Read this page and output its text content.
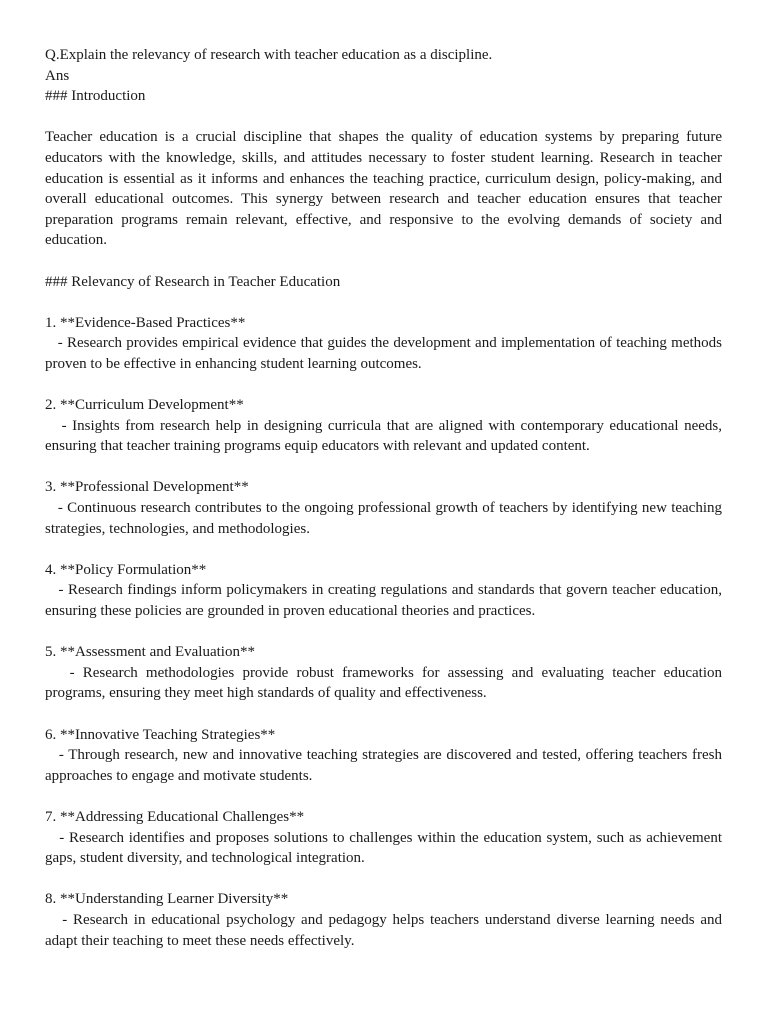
Q.Explain the relevancy of research with teacher education as a discipline.

Ans

### Introduction

Teacher education is a crucial discipline that shapes the quality of education systems by preparing future educators with the knowledge, skills, and attitudes necessary to foster student learning. Research in teacher education is essential as it informs and enhances the teaching practice, curriculum design, policy-making, and overall educational outcomes. This synergy between research and teacher education ensures that teacher preparation programs remain relevant, effective, and responsive to the evolving demands of society and education.

### Relevancy of Research in Teacher Education

1. **Evidence-Based Practices**

- Research provides empirical evidence that guides the development and implementation of teaching methods proven to be effective in enhancing student learning outcomes.

2. **Curriculum Development**

- Insights from research help in designing curricula that are aligned with contemporary educational needs, ensuring that teacher training programs equip educators with relevant and updated content.

3. **Professional Development**

- Continuous research contributes to the ongoing professional growth of teachers by identifying new teaching strategies, technologies, and methodologies.

4. **Policy Formulation**

- Research findings inform policymakers in creating regulations and standards that govern teacher education, ensuring these policies are grounded in proven educational theories and practices.

5. **Assessment and Evaluation**

- Research methodologies provide robust frameworks for assessing and evaluating teacher education programs, ensuring they meet high standards of quality and effectiveness.

6. **Innovative Teaching Strategies**

- Through research, new and innovative teaching strategies are discovered and tested, offering teachers fresh approaches to engage and motivate students.

7. **Addressing Educational Challenges**

- Research identifies and proposes solutions to challenges within the education system, such as achievement gaps, student diversity, and technological integration.

8. **Understanding Learner Diversity**

- Research in educational psychology and pedagogy helps teachers understand diverse learning needs and adapt their teaching to meet these needs effectively.
